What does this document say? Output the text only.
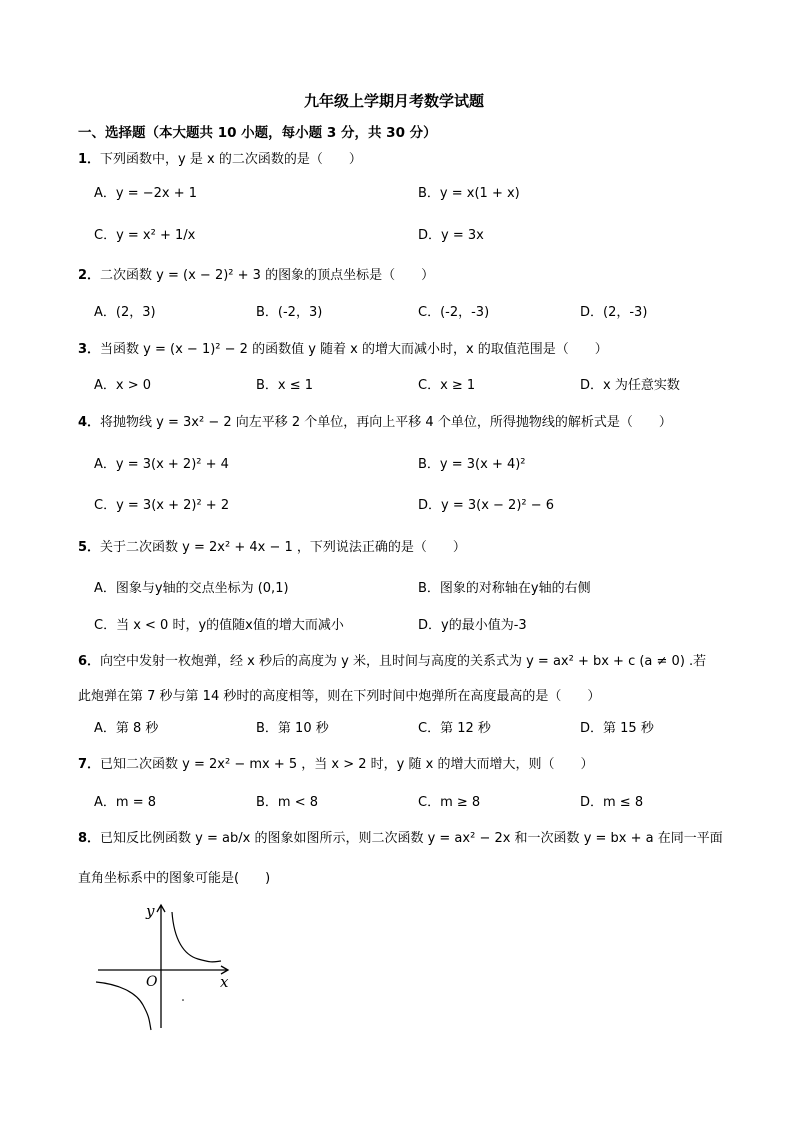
九年级上学期月考数学试题
一、选择题（本大题共 10 小题，每小题 3 分，共 30 分）
1．下列函数中，y 是 x 的二次函数的是（　　）
A．y = −2x + 1	B．y = x(1 + x)
C．y = x² + 1/x	D．y = 3x
2．二次函数 y = (x − 2)² + 3 的图象的顶点坐标是（　　）
A．(2，3)	B．(-2，3)	C．(-2，-3)	D．(2，-3)
3．当函数 y = (x − 1)² − 2 的函数值 y 随着 x 的增大而减小时，x 的取值范围是（　　）
A．x > 0	B．x ≤ 1	C．x ≥ 1	D．x 为任意实数
4．将抛物线 y = 3x² − 2 向左平移 2 个单位，再向上平移 4 个单位，所得抛物线的解析式是（　　）
A．y = 3(x + 2)² + 4	B．y = 3(x + 4)²
C．y = 3(x + 2)² + 2	D．y = 3(x − 2)² − 6
5．关于二次函数 y = 2x² + 4x − 1 ，下列说法正确的是（　　）
A．图象与y轴的交点坐标为 (0,1)	B．图象的对称轴在y轴的右侧
C．当 x < 0 时，y的值随x值的增大而减小	D．y的最小值为-3
6．向空中发射一枚炮弹，经 x 秒后的高度为 y 米，且时间与高度的关系式为 y = ax² + bx + c (a ≠ 0) .若
此炮弹在第 7 秒与第 14 秒时的高度相等，则在下列时间中炮弹所在高度最高的是（　　）
A．第 8 秒	B．第 10 秒	C．第 12 秒	D．第 15 秒
7．已知二次函数 y = 2x² − mx + 5 ，当 x > 2 时，y 随 x 的增大而增大，则（　　）
A．m = 8	B．m < 8	C．m ≥ 8	D．m ≤ 8
8．已知反比例函数 y = ab/x 的图象如图所示，则二次函数 y = ax² − 2x 和一次函数 y = bx + a 在同一平面
直角坐标系中的图象可能是(　　)
y
x
O
